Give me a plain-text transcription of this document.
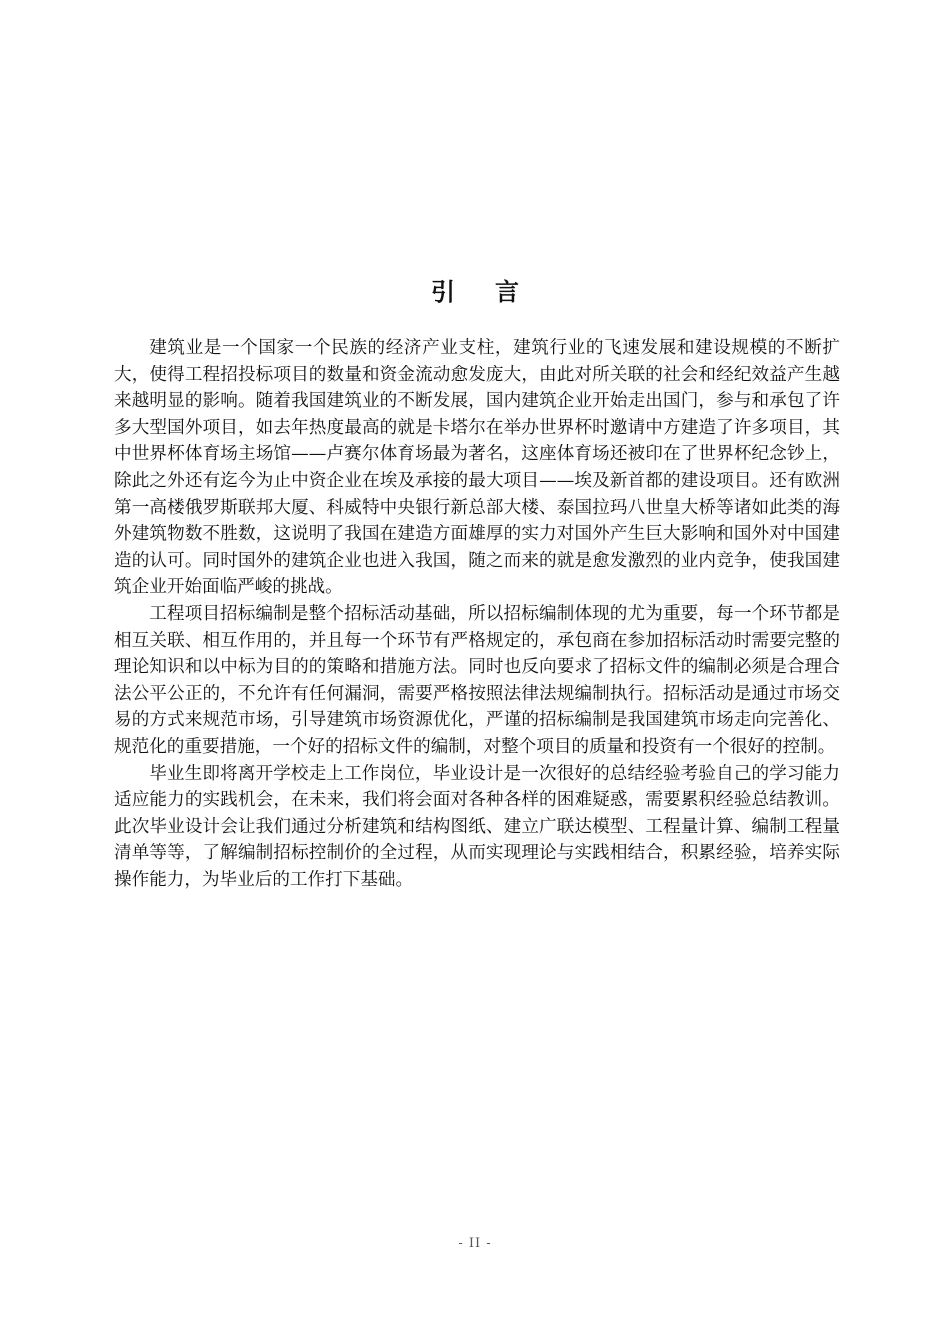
引言

建筑业是一个国家一个民族的经济产业支柱，建筑行业的飞速发展和建设规模的不断扩大，使得工程招投标项目的数量和资金流动愈发庞大，由此对所关联的社会和经纪效益产生越来越明显的影响。随着我国建筑业的不断发展，国内建筑企业开始走出国门，参与和承包了许多大型国外项目，如去年热度最高的就是卡塔尔在举办世界杯时邀请中方建造了许多项目，其中世界杯体育场主场馆——卢赛尔体育场最为著名，这座体育场还被印在了世界杯纪念钞上，除此之外还有迄今为止中资企业在埃及承接的最大项目——埃及新首都的建设项目。还有欧洲第一高楼俄罗斯联邦大厦、科威特中央银行新总部大楼、泰国拉玛八世皇大桥等诸如此类的海外建筑物数不胜数，这说明了我国在建造方面雄厚的实力对国外产生巨大影响和国外对中国建造的认可。同时国外的建筑企业也进入我国，随之而来的就是愈发激烈的业内竞争，使我国建筑企业开始面临严峻的挑战。

工程项目招标编制是整个招标活动基础，所以招标编制体现的尤为重要，每一个环节都是相互关联、相互作用的，并且每一个环节有严格规定的，承包商在参加招标活动时需要完整的理论知识和以中标为目的的策略和措施方法。同时也反向要求了招标文件的编制必须是合理合法公平公正的，不允许有任何漏洞，需要严格按照法律法规编制执行。招标活动是通过市场交易的方式来规范市场，引导建筑市场资源优化，严谨的招标编制是我国建筑市场走向完善化、规范化的重要措施，一个好的招标文件的编制，对整个项目的质量和投资有一个很好的控制。

毕业生即将离开学校走上工作岗位，毕业设计是一次很好的总结经验考验自己的学习能力适应能力的实践机会，在未来，我们将会面对各种各样的困难疑惑，需要累积经验总结教训。此次毕业设计会让我们通过分析建筑和结构图纸、建立广联达模型、工程量计算、编制工程量清单等等，了解编制招标控制价的全过程，从而实现理论与实践相结合，积累经验，培养实际操作能力，为毕业后的工作打下基础。

- II -
